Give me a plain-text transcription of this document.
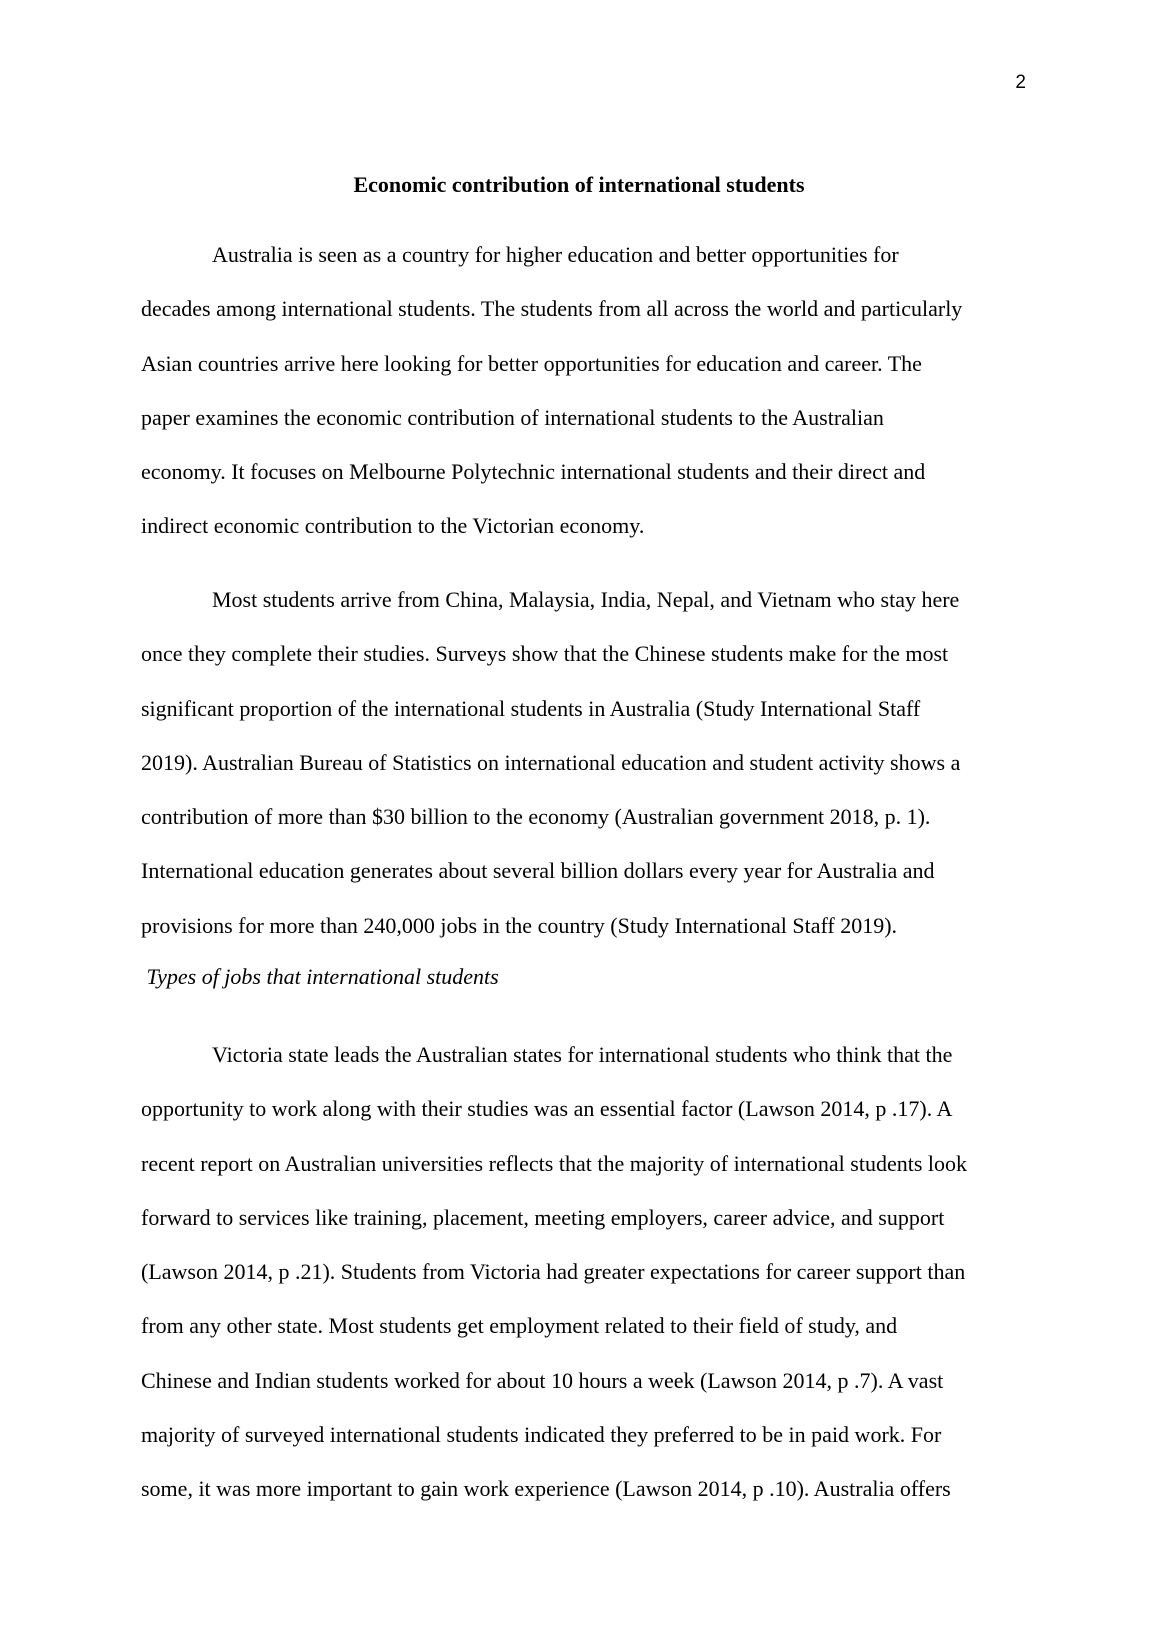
2
Economic contribution of international students

Australia is seen as a country for higher education and better opportunities for
decades among international students. The students from all across the world and particularly
Asian countries arrive here looking for better opportunities for education and career. The
paper examines the economic contribution of international students to the Australian
economy. It focuses on Melbourne Polytechnic international students and their direct and
indirect economic contribution to the Victorian economy.

Most students arrive from China, Malaysia, India, Nepal, and Vietnam who stay here
once they complete their studies. Surveys show that the Chinese students make for the most
significant proportion of the international students in Australia (Study International Staff
2019). Australian Bureau of Statistics on international education and student activity shows a
contribution of more than $30 billion to the economy (Australian government 2018, p. 1).
International education generates about several billion dollars every year for Australia and
provisions for more than 240,000 jobs in the country (Study International Staff 2019).

Types of jobs that international students

Victoria state leads the Australian states for international students who think that the
opportunity to work along with their studies was an essential factor (Lawson 2014, p .17). A
recent report on Australian universities reflects that the majority of international students look
forward to services like training, placement, meeting employers, career advice, and support
(Lawson 2014, p .21). Students from Victoria had greater expectations for career support than
from any other state. Most students get employment related to their field of study, and
Chinese and Indian students worked for about 10 hours a week (Lawson 2014, p .7). A vast
majority of surveyed international students indicated they preferred to be in paid work. For
some, it was more important to gain work experience (Lawson 2014, p .10). Australia offers
